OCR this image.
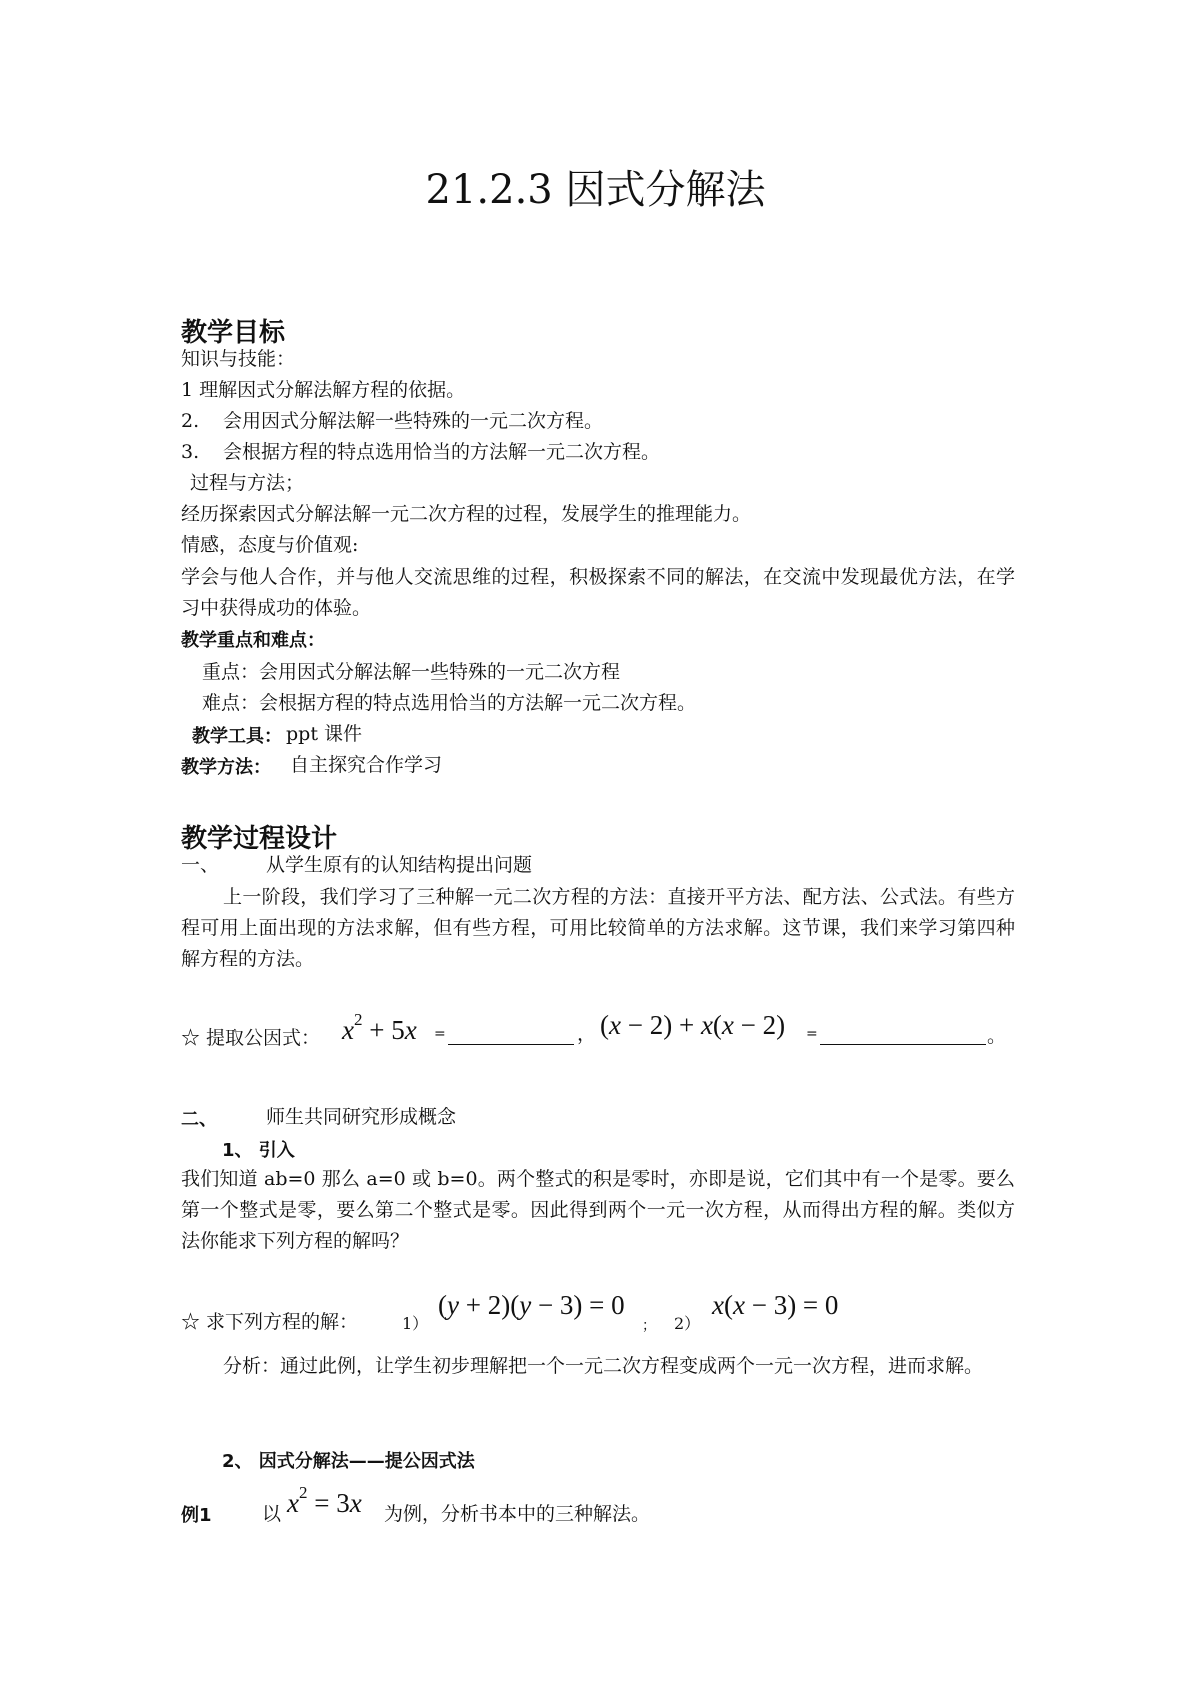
21.2.3 因式分解法
教学目标
知识与技能：
1 理解因式分解法解方程的依据。
2. 会用因式分解法解一些特殊的一元二次方程。
3. 会根据方程的特点选用恰当的方法解一元二次方程。
过程与方法；
经历探索因式分解法解一元二次方程的过程，发展学生的推理能力。
情感，态度与价值观:
学会与他人合作，并与他人交流思维的过程，积极探索不同的解法，在交流中发现最优方法，在学习中获得成功的体验。
教学重点和难点：
重点：会用因式分解法解一些特殊的一元二次方程
难点：会根据方程的特点选用恰当的方法解一元二次方程。
教学工具： ppt 课件
教学方法： 自主探究合作学习
教学过程设计
一、 从学生原有的认知结构提出问题
上一阶段，我们学习了三种解一元二次方程的方法：直接开平方法、配方法、公式法。有些方程可用上面出现的方法求解，但有些方程，可用比较简单的方法求解。这节课，我们来学习第四种解方程的方法。
☆ 提取公因式： $x^2 + 5x$ =	， (x − 2) + x(x − 2) =	。
二、	师生共同研究形成概念
1、 引入
我们知道 ab=0 那么 a=0 或 b=0。两个整式的积是零时，亦即是说，它们其中有一个是零。要么第一个整式是零，要么第二个整式是零。因此得到两个一元一次方程，从而得出方程的解。类似方法你能求下列方程的解吗？
☆ 求下列方程的解：	1）
(y + 2)(y − 3) = 0
； 2）
x(x − 3) = 0
分析：通过此例，让学生初步理解把一个一元二次方程变成两个一元一次方程，进而求解。
2、 因式分解法——提公因式法
例1	以 $x^2 = 3x$ 为例，分析书本中的三种解法。
